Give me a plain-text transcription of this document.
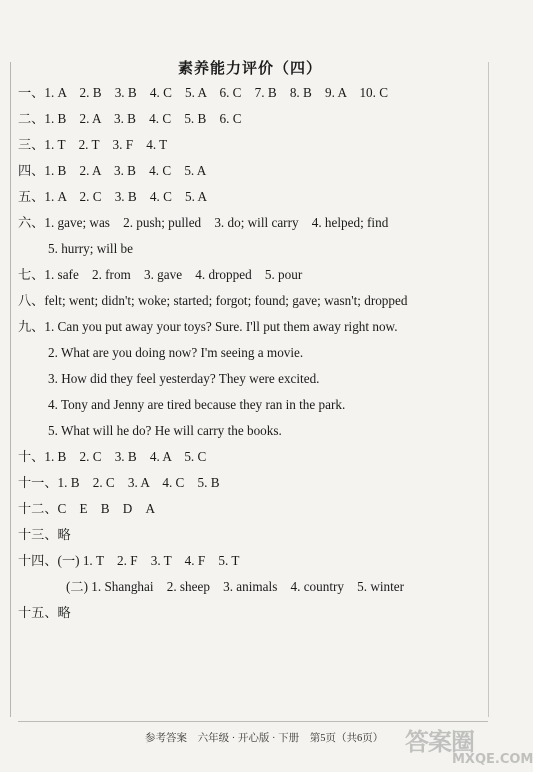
素养能力评价（四）
一、1. A　2. B　3. B　4. C　5. A　6. C　7. B　8. B　9. A　10. C
二、1. B　2. A　3. B　4. C　5. B　6. C
三、1. T　2. T　3. F　4. T
四、1. B　2. A　3. B　4. C　5. A
五、1. A　2. C　3. B　4. C　5. A
六、1. gave; was　2. push; pulled　3. do; will carry　4. helped; find
5. hurry; will be
七、1. safe　2. from　3. gave　4. dropped　5. pour
八、felt; went; didn't; woke; started; forgot; found; gave; wasn't; dropped
九、1. Can you put away your toys? Sure. I'll put them away right now.
2. What are you doing now? I'm seeing a movie.
3. How did they feel yesterday? They were excited.
4. Tony and Jenny are tired because they ran in the park.
5. What will he do? He will carry the books.
十、1. B　2. C　3. B　4. A　5. C
十一、1. B　2. C　3. A　4. C　5. B
十二、C　E　B　D　A
十三、略
十四、(一) 1. T　2. F　3. T　4. F　5. T
(二) 1. Shanghai　2. sheep　3. animals　4. country　5. winter
十五、略
参考答案 六年级 · 开心版 · 下册 第5页（共6页） 答案圈
MXQE.COM
